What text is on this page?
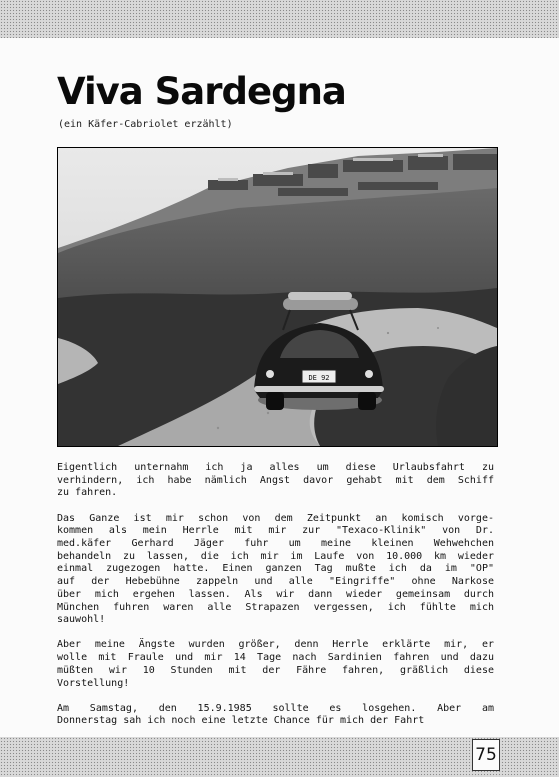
Viva Sardegna
(ein Käfer-Cabriolet erzählt)
DE 92

Eigentlich unternahm ich ja alles um diese Urlaubsfahrt zu
verhindern, ich habe nämlich Angst davor gehabt mit dem Schiff
zu fahren.

Das Ganze ist mir schon von dem Zeitpunkt an komisch vorge-
kommen als mein Herrle mit mir zur "Texaco-Klinik" von Dr.
med.käfer Gerhard Jäger fuhr um meine kleinen Wehwehchen
behandeln zu lassen, die ich mir im Laufe von 10.000 km wieder
einmal zugezogen hatte. Einen ganzen Tag mußte ich da im "OP"
auf der Hebebühne zappeln und alle "Eingriffe" ohne Narkose
über mich ergehen lassen. Als wir dann wieder gemeinsam durch
München fuhren waren alle Strapazen vergessen, ich fühlte mich
sauwohl!

Aber meine Ängste wurden größer, denn Herrle erklärte mir, er
wolle mit Fraule und mir 14 Tage nach Sardinien fahren und dazu
müßten wir 10 Stunden mit der Fähre fahren, gräßlich diese
Vorstellung!

Am Samstag, den 15.9.1985 sollte es losgehen. Aber am
Donnerstag sah ich noch eine letzte Chance für mich der Fahrt

75
